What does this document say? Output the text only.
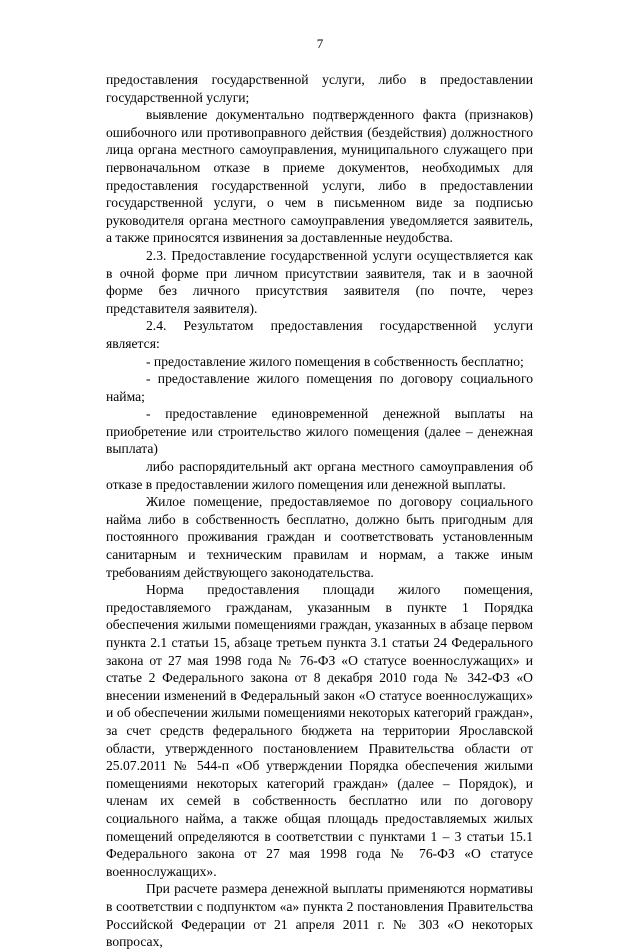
7

предоставления государственной услуги, либо в предоставлении государственной услуги;

выявление документально подтвержденного факта (признаков) ошибочного или противоправного действия (бездействия) должностного лица органа местного самоуправления, муниципального служащего при первоначальном отказе в приеме документов, необходимых для предоставления государственной услуги, либо в предоставлении государственной услуги, о чем в письменном виде за подписью руководителя органа местного самоуправления уведомляется заявитель, а также приносятся извинения за доставленные неудобства.

2.3. Предоставление государственной услуги осуществляется как в очной форме при личном присутствии заявителя, так и в заочной форме без личного присутствия заявителя (по почте, через представителя заявителя).

2.4. Результатом предоставления государственной услуги является:

- предоставление жилого помещения в собственность бесплатно;

- предоставление жилого помещения по договору социального найма;

- предоставление единовременной денежной выплаты на приобретение или строительство жилого помещения (далее – денежная выплата)

либо распорядительный акт органа местного самоуправления об отказе в предоставлении жилого помещения или денежной выплаты.

Жилое помещение, предоставляемое по договору социального найма либо в собственность бесплатно, должно быть пригодным для постоянного проживания граждан и соответствовать установленным санитарным и техническим правилам и нормам, а также иным требованиям действующего законодательства.

Норма предоставления площади жилого помещения, предоставляемого гражданам, указанным в пункте 1 Порядка обеспечения жилыми помещениями граждан, указанных в абзаце первом пункта 2.1 статьи 15, абзаце третьем пункта 3.1 статьи 24 Федерального закона от 27 мая 1998 года № 76-ФЗ «О статусе военнослужащих» и статье 2 Федерального закона от 8 декабря 2010 года № 342-ФЗ «О внесении изменений в Федеральный закон «О статусе военнослужащих» и об обеспечении жилыми помещениями некоторых категорий граждан», за счет средств федерального бюджета на территории Ярославской области, утвержденного постановлением Правительства области от 25.07.2011 № 544-п «Об утверждении Порядка обеспечения жилыми помещениями некоторых категорий граждан» (далее – Порядок), и членам их семей в собственность бесплатно или по договору социального найма, а также общая площадь предоставляемых жилых помещений определяются в соответствии с пунктами 1 – 3 статьи 15.1 Федерального закона от 27 мая 1998 года № 76-ФЗ «О статусе военнослужащих».

При расчете размера денежной выплаты применяются нормативы в соответствии с подпунктом «а» пункта 2 постановления Правительства Российской Федерации от 21 апреля 2011 г. № 303 «О некоторых вопросах,
